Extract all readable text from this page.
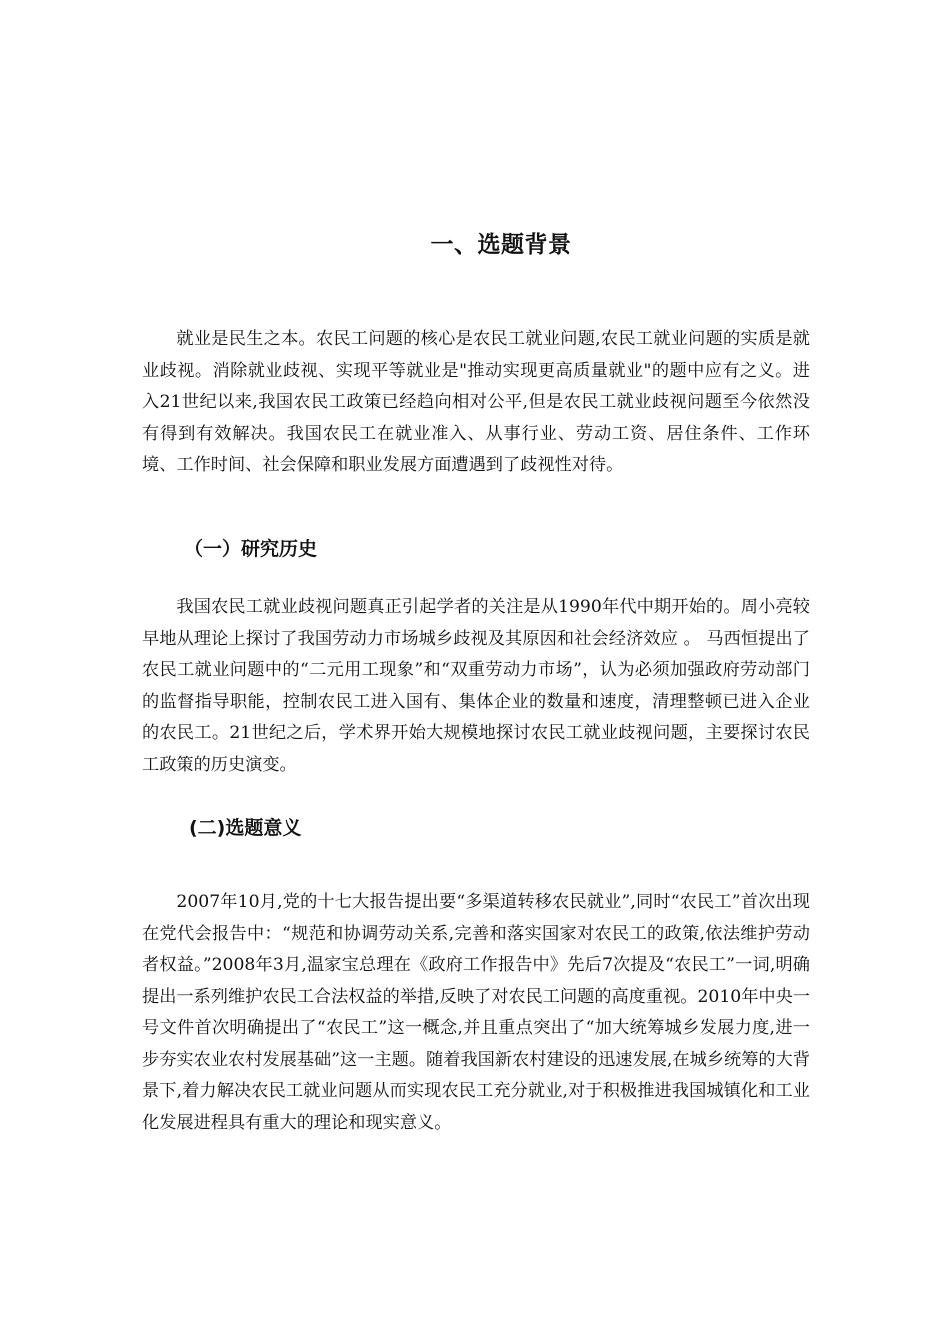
一、选题背景

就业是民生之本。农民工问题的核心是农民工就业问题,农民工就业问题的实质是就业歧视。消除就业歧视、实现平等就业是"推动实现更高质量就业"的题中应有之义。进入21世纪以来,我国农民工政策已经趋向相对公平,但是农民工就业歧视问题至今依然没有得到有效解决。我国农民工在就业准入、从事行业、劳动工资、居住条件、工作环境、工作时间、社会保障和职业发展方面遭遇到了歧视性对待。

（一）研究历史

我国农民工就业歧视问题真正引起学者的关注是从1990年代中期开始的。周小亮较早地从理论上探讨了我国劳动力市场城乡歧视及其原因和社会经济效应 。 马西恒提出了农民工就业问题中的“二元用工现象”和“双重劳动力市场”，认为必须加强政府劳动部门的监督指导职能，控制农民工进入国有、集体企业的数量和速度，清理整顿已进入企业的农民工。21世纪之后，学术界开始大规模地探讨农民工就业歧视问题，主要探讨农民工政策的历史演变。

(二)选题意义

2007年10月,党的十七大报告提出要“多渠道转移农民就业”,同时“农民工”首次出现在党代会报告中：“规范和协调劳动关系,完善和落实国家对农民工的政策,依法维护劳动者权益。”2008年3月,温家宝总理在《政府工作报告中》先后7次提及“农民工”一词,明确提出一系列维护农民工合法权益的举措,反映了对农民工问题的高度重视。2010年中央一号文件首次明确提出了“农民工”这一概念,并且重点突出了“加大统筹城乡发展力度,进一步夯实农业农村发展基础”这一主题。随着我国新农村建设的迅速发展,在城乡统筹的大背景下,着力解决农民工就业问题从而实现农民工充分就业,对于积极推进我国城镇化和工业化发展进程具有重大的理论和现实意义。
